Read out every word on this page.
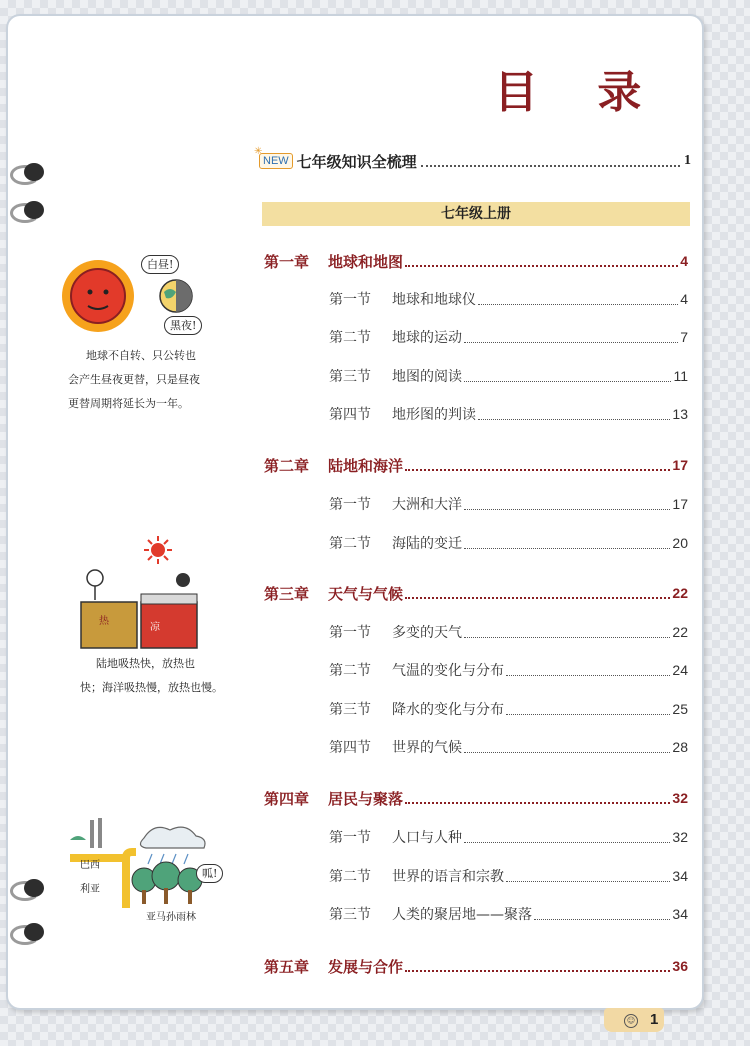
目 录
✳
NEW 七年级知识全梳理	1
七年级上册
第一章	地球和地图	4
第一节	地球和地球仪	4
第二节	地球的运动	7
第三节	地图的阅读	11
第四节	地形图的判读	13
第二章	陆地和海洋	17
第一节	大洲和大洋	17
第二节	海陆的变迁	20
第三章	天气与气候	22
第一节	多变的天气	22
第二节	气温的变化与分布	24
第三节	降水的变化与分布	25
第四节	世界的气候	28
第四章	居民与聚落	32
第一节	人口与人种	32
第二节	世界的语言和宗教	34
第三节	人类的聚居地——聚落	34
第五章	发展与合作	36
白昼!
黑夜!
地球不自转、只公转也
会产生昼夜更替，只是昼夜
更替周期将延长为一年。
热
凉
陆地吸热快，放热也
快；海洋吸热慢，放热也慢。
巴西
利亚
呱!
亚马孙雨林
☺ 1
